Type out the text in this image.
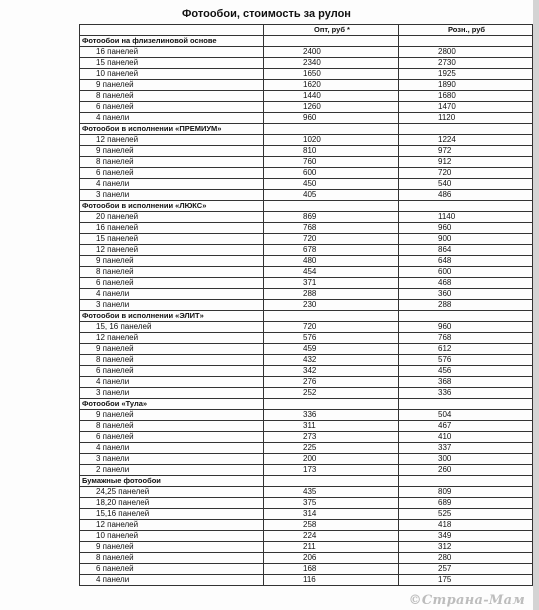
Фотообои, стоимость за рулон
	Опт, руб *	Розн., руб
Фотообои на флизелиновой основе		
16 панелей	2400	2800
15 панелей	2340	2730
10 панелей	1650	1925
9 панелей	1620	1890
8 панелей	1440	1680
6 панелей	1260	1470
4 панели	960	1120
Фотообои в исполнении «ПРЕМИУМ»		
12 панелей	1020	1224
9 панелей	810	972
8 панелей	760	912
6 панелей	600	720
4 панели	450	540
3 панели	405	486
Фотообои в исполнении «ЛЮКС»		
20 панелей	869	1140
16 панелей	768	960
15 панелей	720	900
12 панелей	678	864
9 панелей	480	648
8 панелей	454	600
6 панелей	371	468
4 панели	288	360
3 панели	230	288
Фотообои в исполнении «ЭЛИТ»		
15, 16 панелей	720	960
12 панелей	576	768
9 панелей	459	612
8 панелей	432	576
6 панелей	342	456
4 панели	276	368
3 панели	252	336
Фотообои «Тула»		
9 панелей	336	504
8 панелей	311	467
6 панелей	273	410
4 панели	225	337
3 панели	200	300
2 панели	173	260
Бумажные фотообои		
24,25 панелей	435	809
18,20 панелей	375	689
15,16 панелей	314	525
12 панелей	258	418
10 панелей	224	349
9 панелей	211	312
8 панелей	206	280
6 панелей	168	257
4 панели	116	175
©Страна-Мам
